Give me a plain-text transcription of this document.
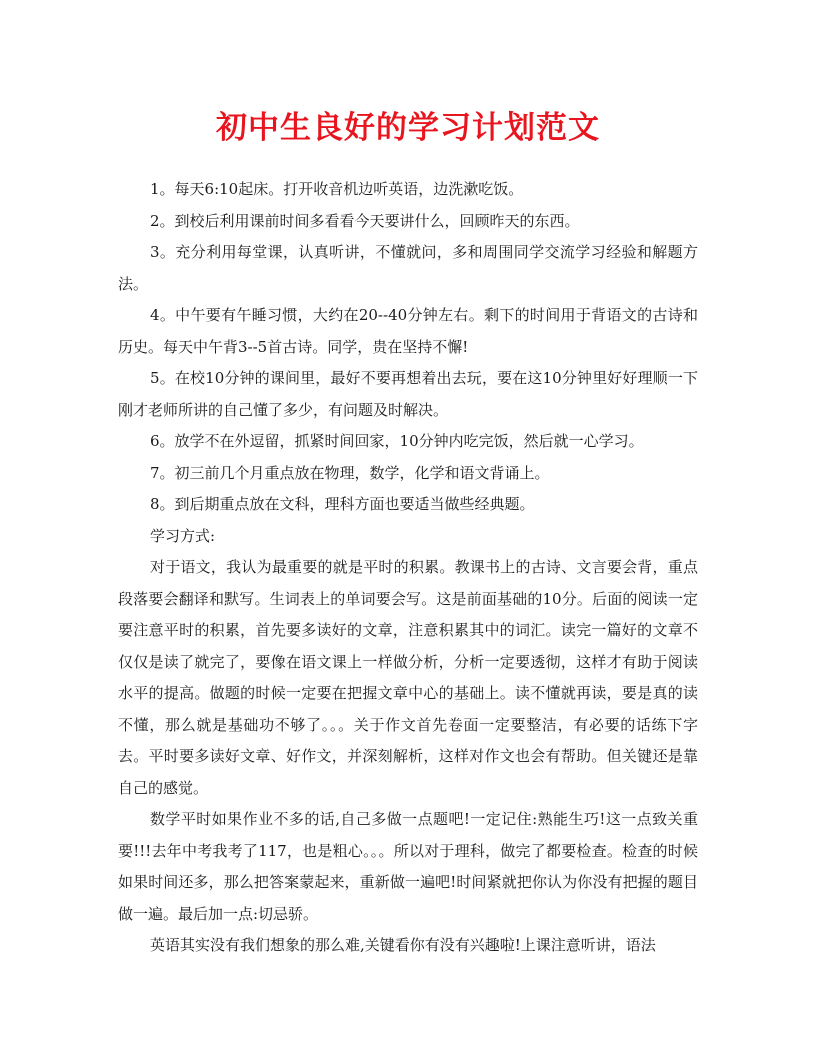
初中生良好的学习计划范文

1。每天6:10起床。打开收音机边听英语，边洗漱吃饭。

2。到校后利用课前时间多看看今天要讲什么，回顾昨天的东西。

3。充分利用每堂课，认真听讲，不懂就问，多和周围同学交流学习经验和解题方法。

4。中午要有午睡习惯，大约在20--40分钟左右。剩下的时间用于背语文的古诗和历史。每天中午背3--5首古诗。同学，贵在坚持不懈!

5。在校10分钟的课间里，最好不要再想着出去玩，要在这10分钟里好好理顺一下刚才老师所讲的自己懂了多少，有问题及时解决。

6。放学不在外逗留，抓紧时间回家，10分钟内吃完饭，然后就一心学习。

7。初三前几个月重点放在物理，数学，化学和语文背诵上。

8。到后期重点放在文科，理科方面也要适当做些经典题。

学习方式:

对于语文，我认为最重要的就是平时的积累。教课书上的古诗、文言要会背，重点段落要会翻译和默写。生词表上的单词要会写。这是前面基础的10分。后面的阅读一定要注意平时的积累，首先要多读好的文章，注意积累其中的词汇。读完一篇好的文章不仅仅是读了就完了，要像在语文课上一样做分析，分析一定要透彻，这样才有助于阅读水平的提高。做题的时候一定要在把握文章中心的基础上。读不懂就再读，要是真的读不懂，那么就是基础功不够了。。。关于作文首先卷面一定要整洁，有必要的话练下字去。平时要多读好文章、好作文，并深刻解析，这样对作文也会有帮助。但关键还是靠自己的感觉。

数学平时如果作业不多的话,自己多做一点题吧!一定记住:熟能生巧!这一点致关重要!!!去年中考我考了117，也是粗心。。。所以对于理科，做完了都要检查。检查的时候如果时间还多，那么把答案蒙起来，重新做一遍吧!时间紧就把你认为你没有把握的题目做一遍。最后加一点:切忌骄。

英语其实没有我们想象的那么难,关键看你有没有兴趣啦!上课注意听讲，语法
